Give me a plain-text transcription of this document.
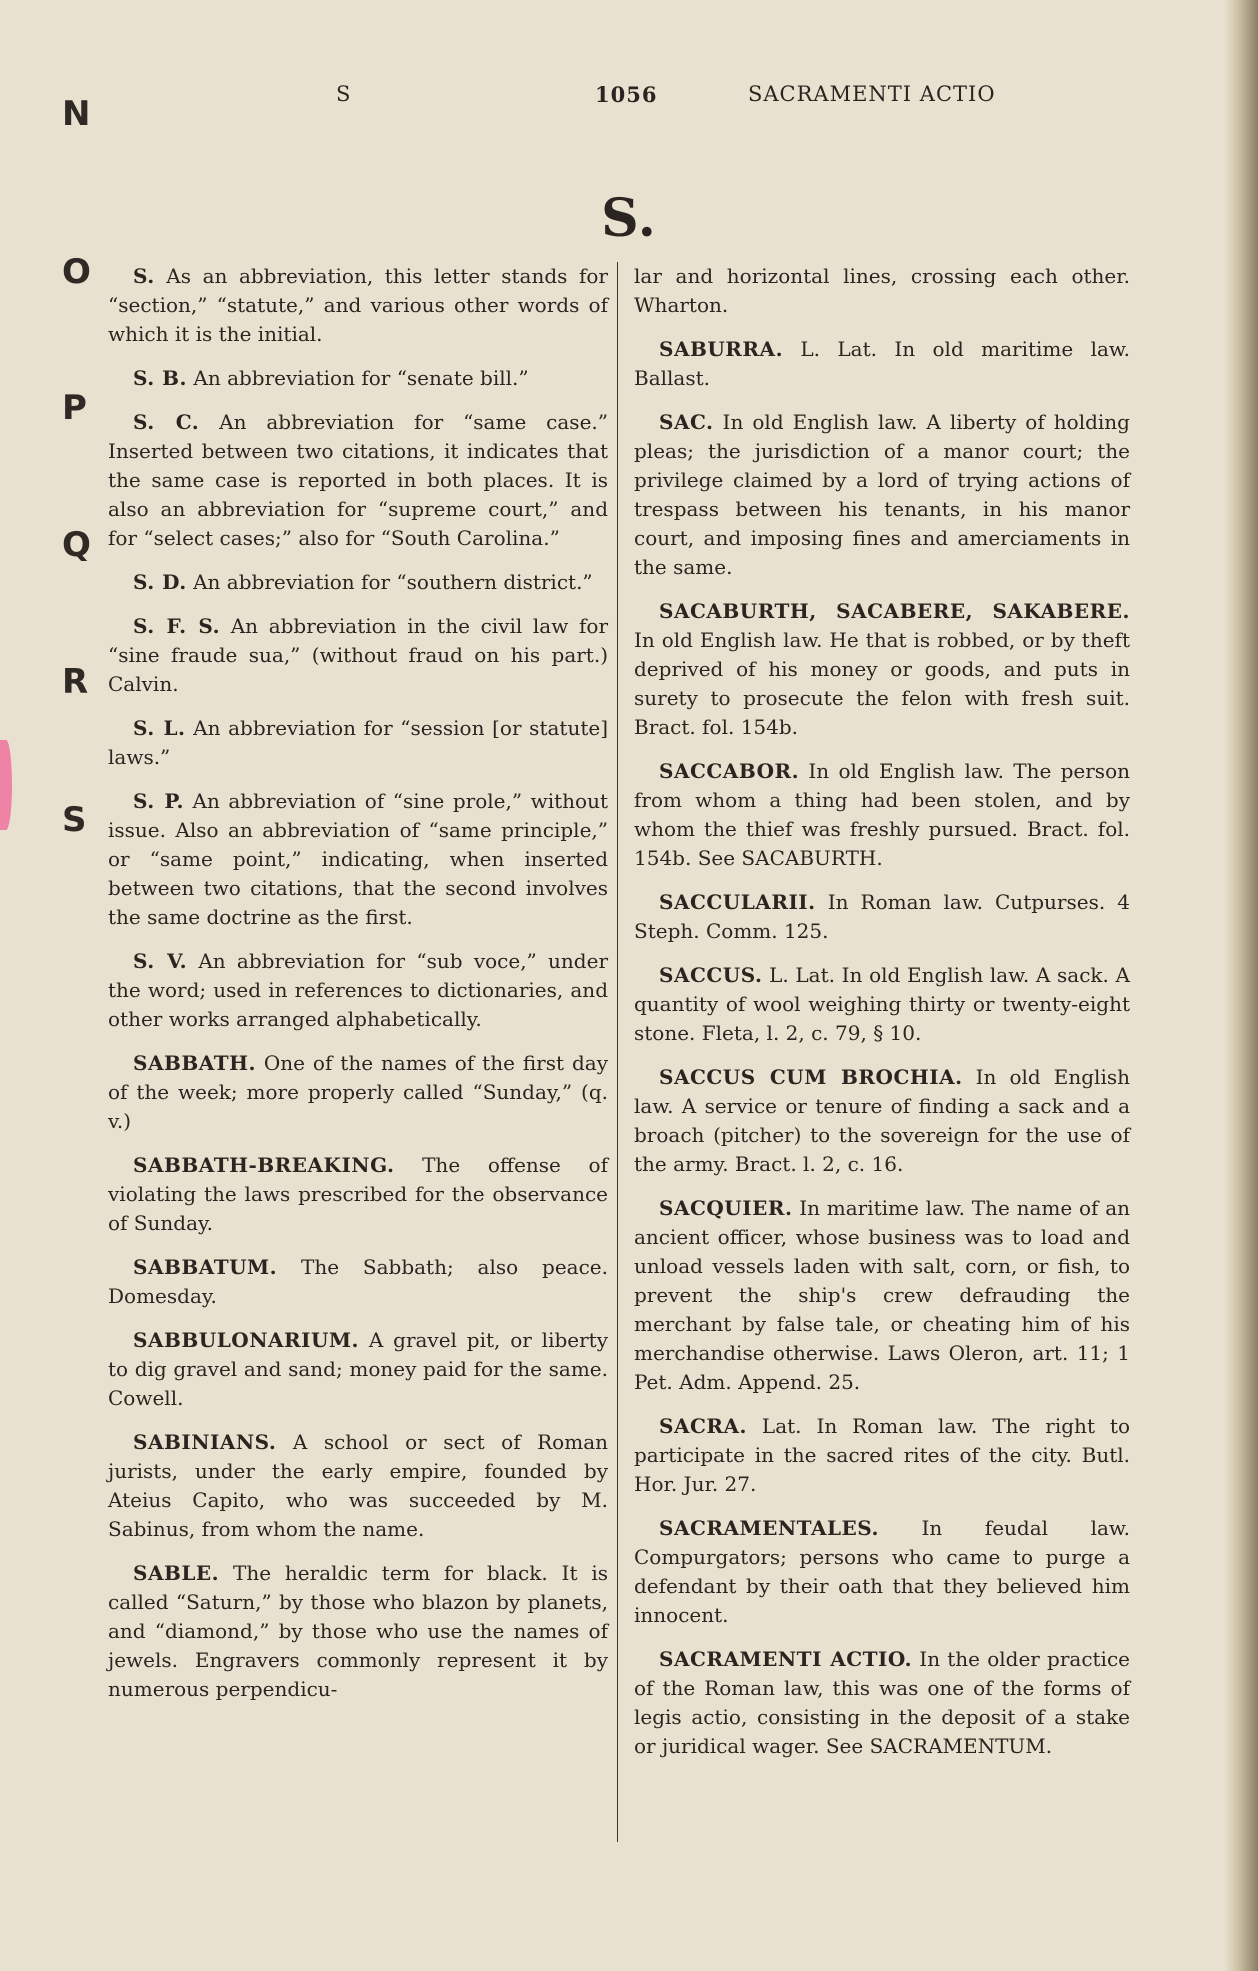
S	1056	SACRAMENTI ACTIO
N
O
P
Q
R
S
S.

S. As an abbreviation, this letter stands for “section,” “statute,” and various other words of which it is the initial.

S. B. An abbreviation for “senate bill.”

S. C. An abbreviation for “same case.” Inserted between two citations, it indicates that the same case is reported in both places. It is also an abbreviation for “supreme court,” and for “select cases;” also for “South Carolina.”

S. D. An abbreviation for “southern district.”

S. F. S. An abbreviation in the civil law for “sine fraude sua,” (without fraud on his part.) Calvin.

S. L. An abbreviation for “session [or statute] laws.”

S. P. An abbreviation of “sine prole,” without issue. Also an abbreviation of “same principle,” or “same point,” indicating, when inserted between two citations, that the second involves the same doctrine as the first.

S. V. An abbreviation for “sub voce,” under the word; used in references to dictionaries, and other works arranged alphabetically.

SABBATH. One of the names of the first day of the week; more properly called “Sunday,” (q. v.)

SABBATH-BREAKING. The offense of violating the laws prescribed for the observance of Sunday.

SABBATUM. The Sabbath; also peace. Domesday.

SABBULONARIUM. A gravel pit, or liberty to dig gravel and sand; money paid for the same. Cowell.

SABINIANS. A school or sect of Roman jurists, under the early empire, founded by Ateius Capito, who was succeeded by M. Sabinus, from whom the name.

SABLE. The heraldic term for black. It is called “Saturn,” by those who blazon by planets, and “diamond,” by those who use the names of jewels. Engravers commonly represent it by numerous perpendicu-

lar and horizontal lines, crossing each other. Wharton.

SABURRA. L. Lat. In old maritime law. Ballast.

SAC. In old English law. A liberty of holding pleas; the jurisdiction of a manor court; the privilege claimed by a lord of trying actions of trespass between his tenants, in his manor court, and imposing fines and amerciaments in the same.

SACABURTH, SACABERE, SAKABERE. In old English law. He that is robbed, or by theft deprived of his money or goods, and puts in surety to prosecute the felon with fresh suit. Bract. fol. 154b.

SACCABOR. In old English law. The person from whom a thing had been stolen, and by whom the thief was freshly pursued. Bract. fol. 154b. See SACABURTH.

SACCULARII. In Roman law. Cutpurses. 4 Steph. Comm. 125.

SACCUS. L. Lat. In old English law. A sack. A quantity of wool weighing thirty or twenty-eight stone. Fleta, l. 2, c. 79, § 10.

SACCUS CUM BROCHIA. In old English law. A service or tenure of finding a sack and a broach (pitcher) to the sovereign for the use of the army. Bract. l. 2, c. 16.

SACQUIER. In maritime law. The name of an ancient officer, whose business was to load and unload vessels laden with salt, corn, or fish, to prevent the ship's crew defrauding the merchant by false tale, or cheating him of his merchandise otherwise. Laws Oleron, art. 11; 1 Pet. Adm. Append. 25.

SACRA. Lat. In Roman law. The right to participate in the sacred rites of the city. Butl. Hor. Jur. 27.

SACRAMENTALES. In feudal law. Compurgators; persons who came to purge a defendant by their oath that they believed him innocent.

SACRAMENTI ACTIO. In the older practice of the Roman law, this was one of the forms of legis actio, consisting in the deposit of a stake or juridical wager. See SACRAMENTUM.
